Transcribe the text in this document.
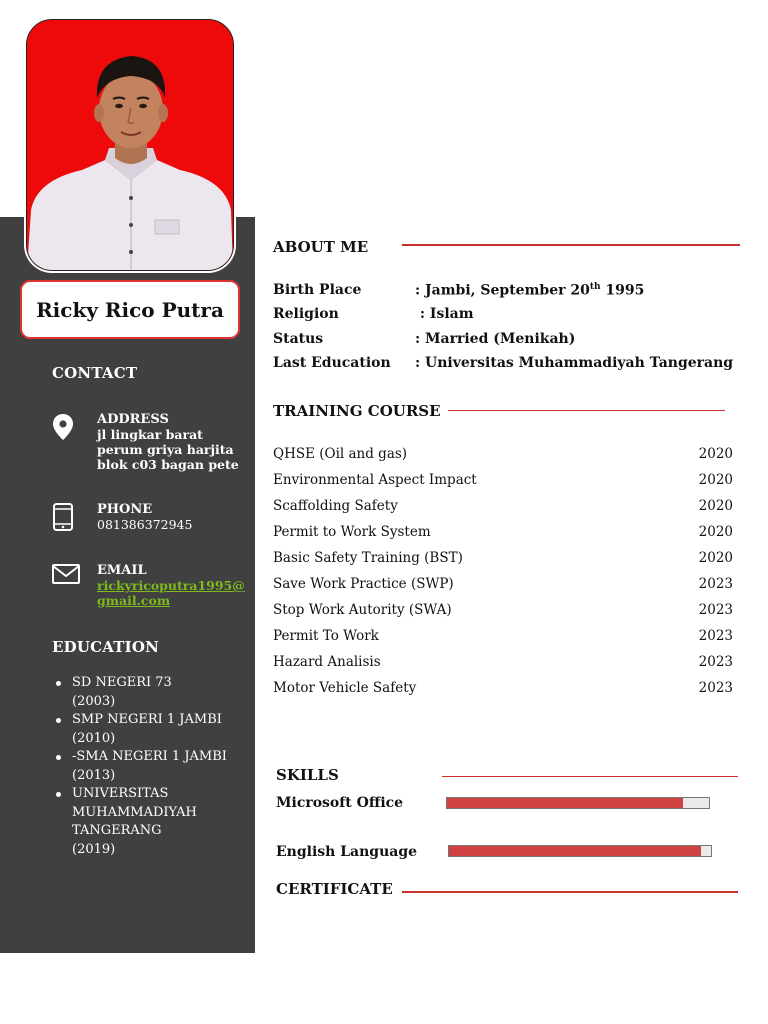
Ricky Rico Putra
CONTACT
ADDRESS
jl lingkar barat
perum griya harjita
blok c03 bagan pete
PHONE
081386372945
EMAIL
rickyricoputra1995@
gmail.com
EDUCATION
SD NEGERI 73
(2003)
SMP NEGERI 1 JAMBI
(2010)
-SMA NEGERI 1 JAMBI
(2013)
UNIVERSITAS
MUHAMMADIYAH
TANGERANG
(2019)
ABOUT ME
Birth Place	: Jambi, September 20th 1995
Religion	: Islam
Status	: Married (Menikah)
Last Education : Universitas Muhammadiyah Tangerang
TRAINING COURSE
QHSE (Oil and gas)	2020
Environmental Aspect Impact	2020
Scaffolding Safety	2020
Permit to Work System	2020
Basic Safety Training (BST)	2020
Save Work Practice (SWP)	2023
Stop Work Autority (SWA)	2023
Permit To Work	2023
Hazard Analisis	2023
Motor Vehicle Safety	2023
SKILLS
Microsoft Office
English Language
CERTIFICATE
